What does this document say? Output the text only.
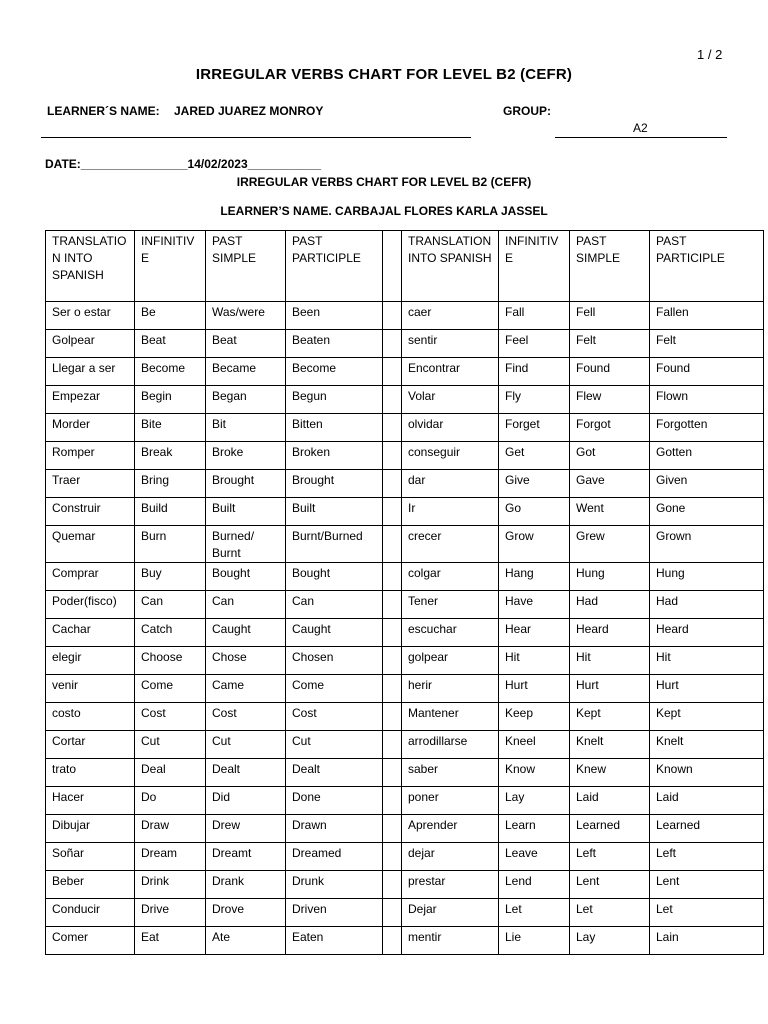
1 / 2
IRREGULAR VERBS CHART FOR LEVEL B2 (CEFR)
LEARNER´S NAME: JARED JUAREZ MONROY	GROUP:
A2
DATE:________________14/02/2023___________
IRREGULAR VERBS CHART FOR LEVEL B2 (CEFR)
LEARNER’S NAME. CARBAJAL FLORES KARLA JASSEL
TRANSLATIO N INTO SPANISH	INFINITIV E	PAST SIMPLE	PAST PARTICIPLE		TRANSLATION INTO SPANISH	INFINITIV E	PAST SIMPLE	PAST PARTICIPLE
Ser o estar	Be	Was/were	Been		caer	Fall	Fell	Fallen
Golpear	Beat	Beat	Beaten		sentir	Feel	Felt	Felt
Llegar a ser	Become	Became	Become		Encontrar	Find	Found	Found
Empezar	Begin	Began	Begun		Volar	Fly	Flew	Flown
Morder	Bite	Bit	Bitten		olvidar	Forget	Forgot	Forgotten
Romper	Break	Broke	Broken		conseguir	Get	Got	Gotten
Traer	Bring	Brought	Brought		dar	Give	Gave	Given
Construir	Build	Built	Built		Ir	Go	Went	Gone
Quemar	Burn	Burned/ Burnt	Burnt/Burned		crecer	Grow	Grew	Grown
Comprar	Buy	Bought	Bought		colgar	Hang	Hung	Hung
Poder(fisco)	Can	Can	Can		Tener	Have	Had	Had
Cachar	Catch	Caught	Caught		escuchar	Hear	Heard	Heard
elegir	Choose	Chose	Chosen		golpear	Hit	Hit	Hit
venir	Come	Came	Come		herir	Hurt	Hurt	Hurt
costo	Cost	Cost	Cost		Mantener	Keep	Kept	Kept
Cortar	Cut	Cut	Cut		arrodillarse	Kneel	Knelt	Knelt
trato	Deal	Dealt	Dealt		saber	Know	Knew	Known
Hacer	Do	Did	Done		poner	Lay	Laid	Laid
Dibujar	Draw	Drew	Drawn		Aprender	Learn	Learned	Learned
Soñar	Dream	Dreamt	Dreamed		dejar	Leave	Left	Left
Beber	Drink	Drank	Drunk		prestar	Lend	Lent	Lent
Conducir	Drive	Drove	Driven		Dejar	Let	Let	Let
Comer	Eat	Ate	Eaten		mentir	Lie	Lay	Lain
